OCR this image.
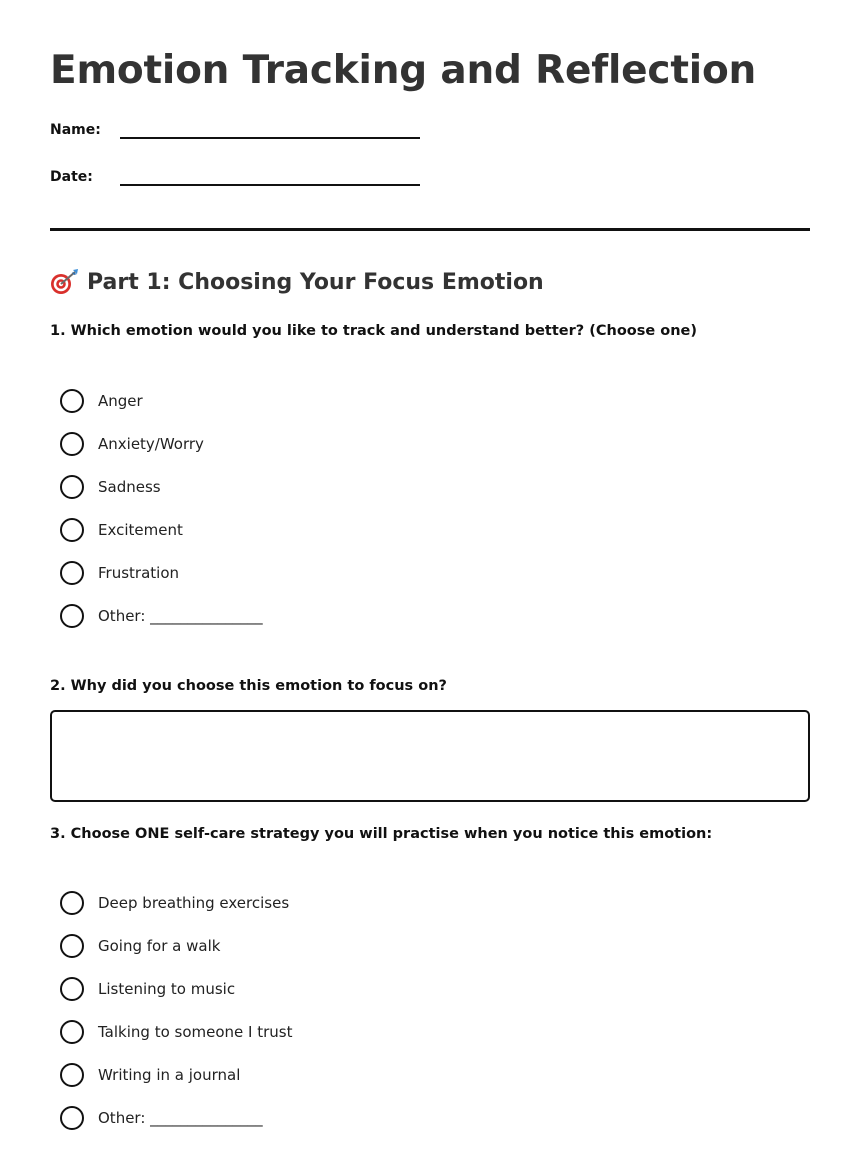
Emotion Tracking and Reflection
Name:
Date:
Part 1: Choosing Your Focus Emotion

1. Which emotion would you like to track and understand better? (Choose one)

Anger
Anxiety/Worry
Sadness
Excitement
Frustration
Other: _______________

2. Why did you choose this emotion to focus on?

3. Choose ONE self-care strategy you will practise when you notice this emotion:

Deep breathing exercises
Going for a walk
Listening to music
Talking to someone I trust
Writing in a journal
Other: _______________
